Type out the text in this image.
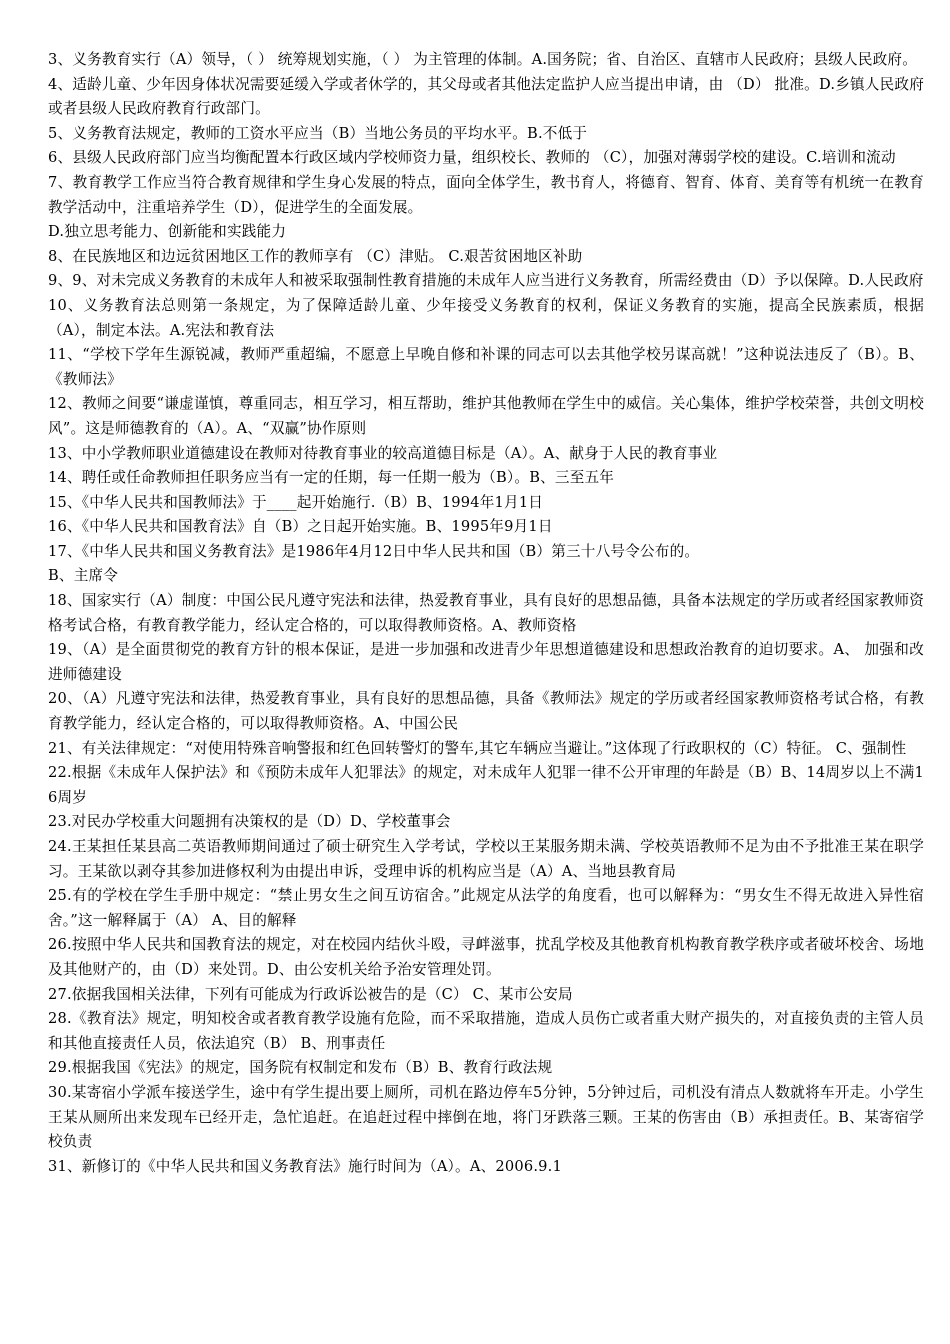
3、义务教育实行（A）领导，（ ） 统筹规划实施，（ ） 为主管理的体制。A.国务院；省、自治区、直辖市人民政府；县级人民政府。

4、适龄儿童、少年因身体状况需要延缓入学或者休学的，其父母或者其他法定监护人应当提出申请，由 （D） 批准。D.乡镇人民政府或者县级人民政府教育行政部门。

5、义务教育法规定，教师的工资水平应当（B）当地公务员的平均水平。B.不低于

6、县级人民政府部门应当均衡配置本行政区域内学校师资力量，组织校长、教师的 （C），加强对薄弱学校的建设。C.培训和流动

7、教育教学工作应当符合教育规律和学生身心发展的特点，面向全体学生，教书育人，将德育、智育、体育、美育等有机统一在教育教学活动中，注重培养学生（D），促进学生的全面发展。

D.独立思考能力、创新能和实践能力

8、在民族地区和边远贫困地区工作的教师享有 （C）津贴。 C.艰苦贫困地区补助

9、9、对未完成义务教育的未成年人和被采取强制性教育措施的未成年人应当进行义务教育，所需经费由（D）予以保障。D.人民政府

10、义务教育法总则第一条规定，为了保障适龄儿童、少年接受义务教育的权利，保证义务教育的实施，提高全民族素质，根据（A），制定本法。A.宪法和教育法

11、“学校下学年生源锐减，教师严重超编，不愿意上早晚自修和补课的同志可以去其他学校另谋高就！”这种说法违反了（B）。B、《教师法》

12、教师之间要“谦虚谨慎，尊重同志，相互学习，相互帮助，维护其他教师在学生中的威信。关心集体，维护学校荣誉，共创文明校风”。这是师德教育的（A）。A、“双赢”协作原则

13、中小学教师职业道德建设在教师对待教育事业的较高道德目标是（A）。A、献身于人民的教育事业

14、聘任或任命教师担任职务应当有一定的任期，每一任期一般为（B）。B、三至五年

15、《中华人民共和国教师法》于____起开始施行.（B）B、1994年1月1日

16、《中华人民共和国教育法》自（B）之日起开始实施。B、1995年9月1日

17、《中华人民共和国义务教育法》是1986年4月12日中华人民共和国（B）第三十八号令公布的。

B、主席令

18、国家实行（A）制度：中国公民凡遵守宪法和法律，热爱教育事业，具有良好的思想品德，具备本法规定的学历或者经国家教师资格考试合格，有教育教学能力，经认定合格的，可以取得教师资格。A、教师资格

19、（A）是全面贯彻党的教育方针的根本保证，是进一步加强和改进青少年思想道德建设和思想政治教育的迫切要求。A、 加强和改进师德建设

20、（A）凡遵守宪法和法律，热爱教育事业，具有良好的思想品德，具备《教师法》规定的学历或者经国家教师资格考试合格，有教育教学能力，经认定合格的，可以取得教师资格。A、中国公民

21、有关法律规定：“对使用特殊音响警报和红色回转警灯的警车,其它车辆应当避让。”这体现了行政职权的（C）特征。 C、强制性

22.根据《未成年人保护法》和《预防未成年人犯罪法》的规定，对未成年人犯罪一律不公开审理的年龄是（B）B、14周岁以上不满16周岁

23.对民办学校重大问题拥有决策权的是（D）D、学校董事会

24.王某担任某县高二英语教师期间通过了硕士研究生入学考试，学校以王某服务期未满、学校英语教师不足为由不予批准王某在职学习。王某欲以剥夺其参加进修权利为由提出申诉，受理申诉的机构应当是（A）A、当地县教育局

25.有的学校在学生手册中规定：“禁止男女生之间互访宿舍。”此规定从法学的角度看，也可以解释为：“男女生不得无故进入异性宿舍。”这一解释属于（A） A、目的解释

26.按照中华人民共和国教育法的规定，对在校园内结伙斗殴，寻衅滋事，扰乱学校及其他教育机构教育教学秩序或者破坏校舍、场地及其他财产的，由（D）来处罚。D、由公安机关给予治安管理处罚。

27.依据我国相关法律，下列有可能成为行政诉讼被告的是（C） C、某市公安局

28.《教育法》规定，明知校舍或者教育教学设施有危险，而不采取措施，造成人员伤亡或者重大财产损失的，对直接负责的主管人员和其他直接责任人员，依法追究（B） B、刑事责任

29.根据我国《宪法》的规定，国务院有权制定和发布（B）B、教育行政法规

30.某寄宿小学派车接送学生，途中有学生提出要上厕所，司机在路边停车5分钟，5分钟过后，司机没有清点人数就将车开走。小学生王某从厕所出来发现车已经开走，急忙追赶。在追赶过程中摔倒在地，将门牙跌落三颗。王某的伤害由（B）承担责任。B、某寄宿学校负责

31、新修订的《中华人民共和国义务教育法》施行时间为（A）。A、2006.9.1
